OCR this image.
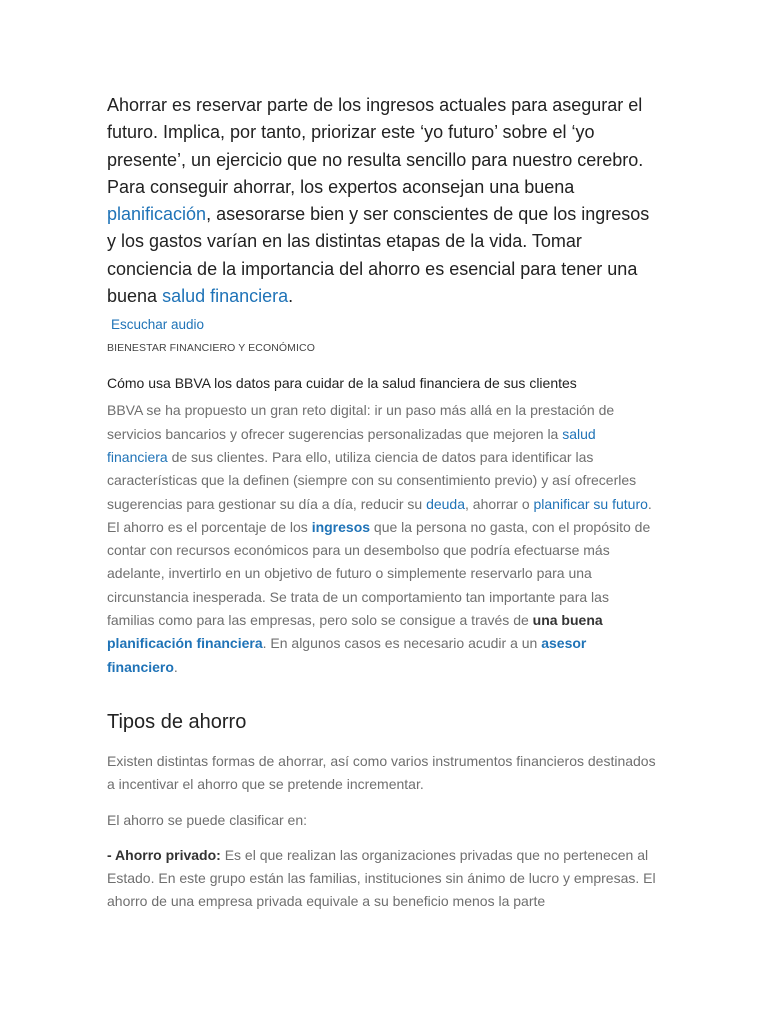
Ahorrar es reservar parte de los ingresos actuales para asegurar el futuro. Implica, por tanto, priorizar este ‘yo futuro’ sobre el ‘yo presente’, un ejercicio que no resulta sencillo para nuestro cerebro. Para conseguir ahorrar, los expertos aconsejan una buena planificación, asesorarse bien y ser conscientes de que los ingresos y los gastos varían en las distintas etapas de la vida. Tomar conciencia de la importancia del ahorro es esencial para tener una buena salud financiera.

Escuchar audio
BIENESTAR FINANCIERO Y ECONÓMICO
Cómo usa BBVA los datos para cuidar de la salud financiera de sus clientes

BBVA se ha propuesto un gran reto digital: ir un paso más allá en la prestación de servicios bancarios y ofrecer sugerencias personalizadas que mejoren la salud financiera de sus clientes. Para ello, utiliza ciencia de datos para identificar las características que la definen (siempre con su consentimiento previo) y así ofrecerles sugerencias para gestionar su día a día, reducir su deuda, ahorrar o planificar su futuro.

El ahorro es el porcentaje de los ingresos que la persona no gasta, con el propósito de contar con recursos económicos para un desembolso que podría efectuarse más adelante, invertirlo en un objetivo de futuro o simplemente reservarlo para una circunstancia inesperada. Se trata de un comportamiento tan importante para las familias como para las empresas, pero solo se consigue a través de una buena planificación financiera. En algunos casos es necesario acudir a un asesor financiero.

Tipos de ahorro

Existen distintas formas de ahorrar, así como varios instrumentos financieros destinados a incentivar el ahorro que se pretende incrementar.

El ahorro se puede clasificar en:

- Ahorro privado: Es el que realizan las organizaciones privadas que no pertenecen al Estado. En este grupo están las familias, instituciones sin ánimo de lucro y empresas. El ahorro de una empresa privada equivale a su beneficio menos la parte
